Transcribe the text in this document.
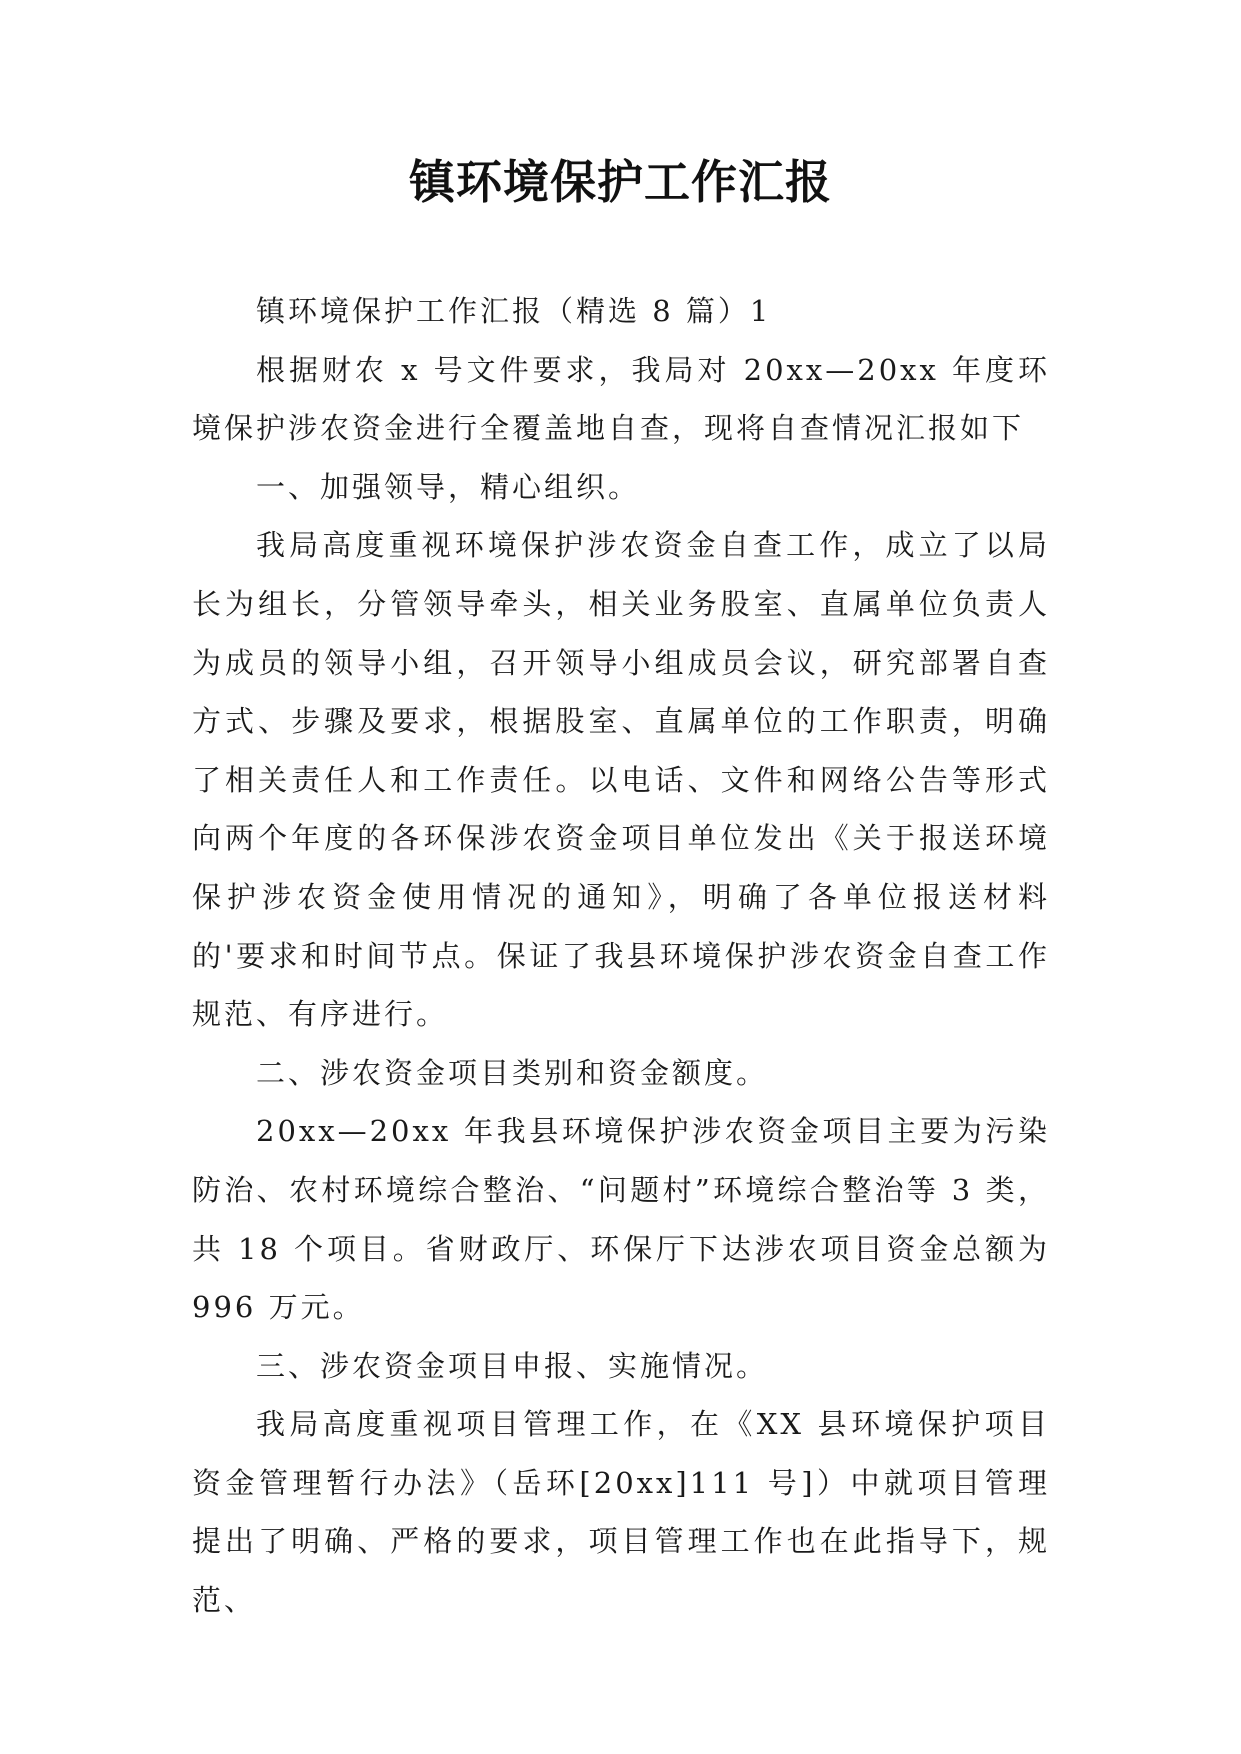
镇环境保护工作汇报

镇环境保护工作汇报（精选 8 篇）1

根据财农 x 号文件要求，我局对 20xx—20xx 年度环境保护涉农资金进行全覆盖地自查，现将自查情况汇报如下

一、加强领导，精心组织。

我局高度重视环境保护涉农资金自查工作，成立了以局长为组长，分管领导牵头，相关业务股室、直属单位负责人为成员的领导小组，召开领导小组成员会议，研究部署自查方式、步骤及要求，根据股室、直属单位的工作职责，明确了相关责任人和工作责任。以电话、文件和网络公告等形式向两个年度的各环保涉农资金项目单位发出《关于报送环境保护涉农资金使用情况的通知》，明确了各单位报送材料的'要求和时间节点。保证了我县环境保护涉农资金自查工作规范、有序进行。

二、涉农资金项目类别和资金额度。

20xx—20xx 年我县环境保护涉农资金项目主要为污染防治、农村环境综合整治、“问题村”环境综合整治等 3 类，共 18 个项目。省财政厅、环保厅下达涉农项目资金总额为 996 万元。

三、涉农资金项目申报、实施情况。

我局高度重视项目管理工作，在《XX 县环境保护项目资金管理暂行办法》（岳环[20xx]111 号]）中就项目管理提出了明确、严格的要求，项目管理工作也在此指导下，规范、
